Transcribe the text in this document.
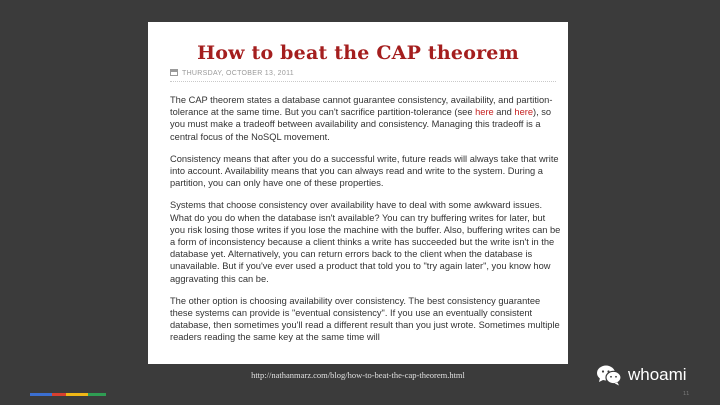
How to beat the CAP theorem
THURSDAY, OCTOBER 13, 2011

The CAP theorem states a database cannot guarantee consistency, availability, and partition-tolerance at the same time. But you can't sacrifice partition-tolerance (see here and here), so you must make a tradeoff between availability and consistency. Managing this tradeoff is a central focus of the NoSQL movement.

Consistency means that after you do a successful write, future reads will always take that write into account. Availability means that you can always read and write to the system. During a partition, you can only have one of these properties.

Systems that choose consistency over availability have to deal with some awkward issues. What do you do when the database isn't available? You can try buffering writes for later, but you risk losing those writes if you lose the machine with the buffer. Also, buffering writes can be a form of inconsistency because a client thinks a write has succeeded but the write isn't in the database yet. Alternatively, you can return errors back to the client when the database is unavailable. But if you've ever used a product that told you to "try again later", you know how aggravating this can be.

The other option is choosing availability over consistency. The best consistency guarantee these systems can provide is "eventual consistency". If you use an eventually consistent database, then sometimes you'll read a different result than you just wrote. Sometimes multiple readers reading the same key at the same time will

http://nathanmarz.com/blog/how-to-beat-the-cap-theorem.html	whoami
11
